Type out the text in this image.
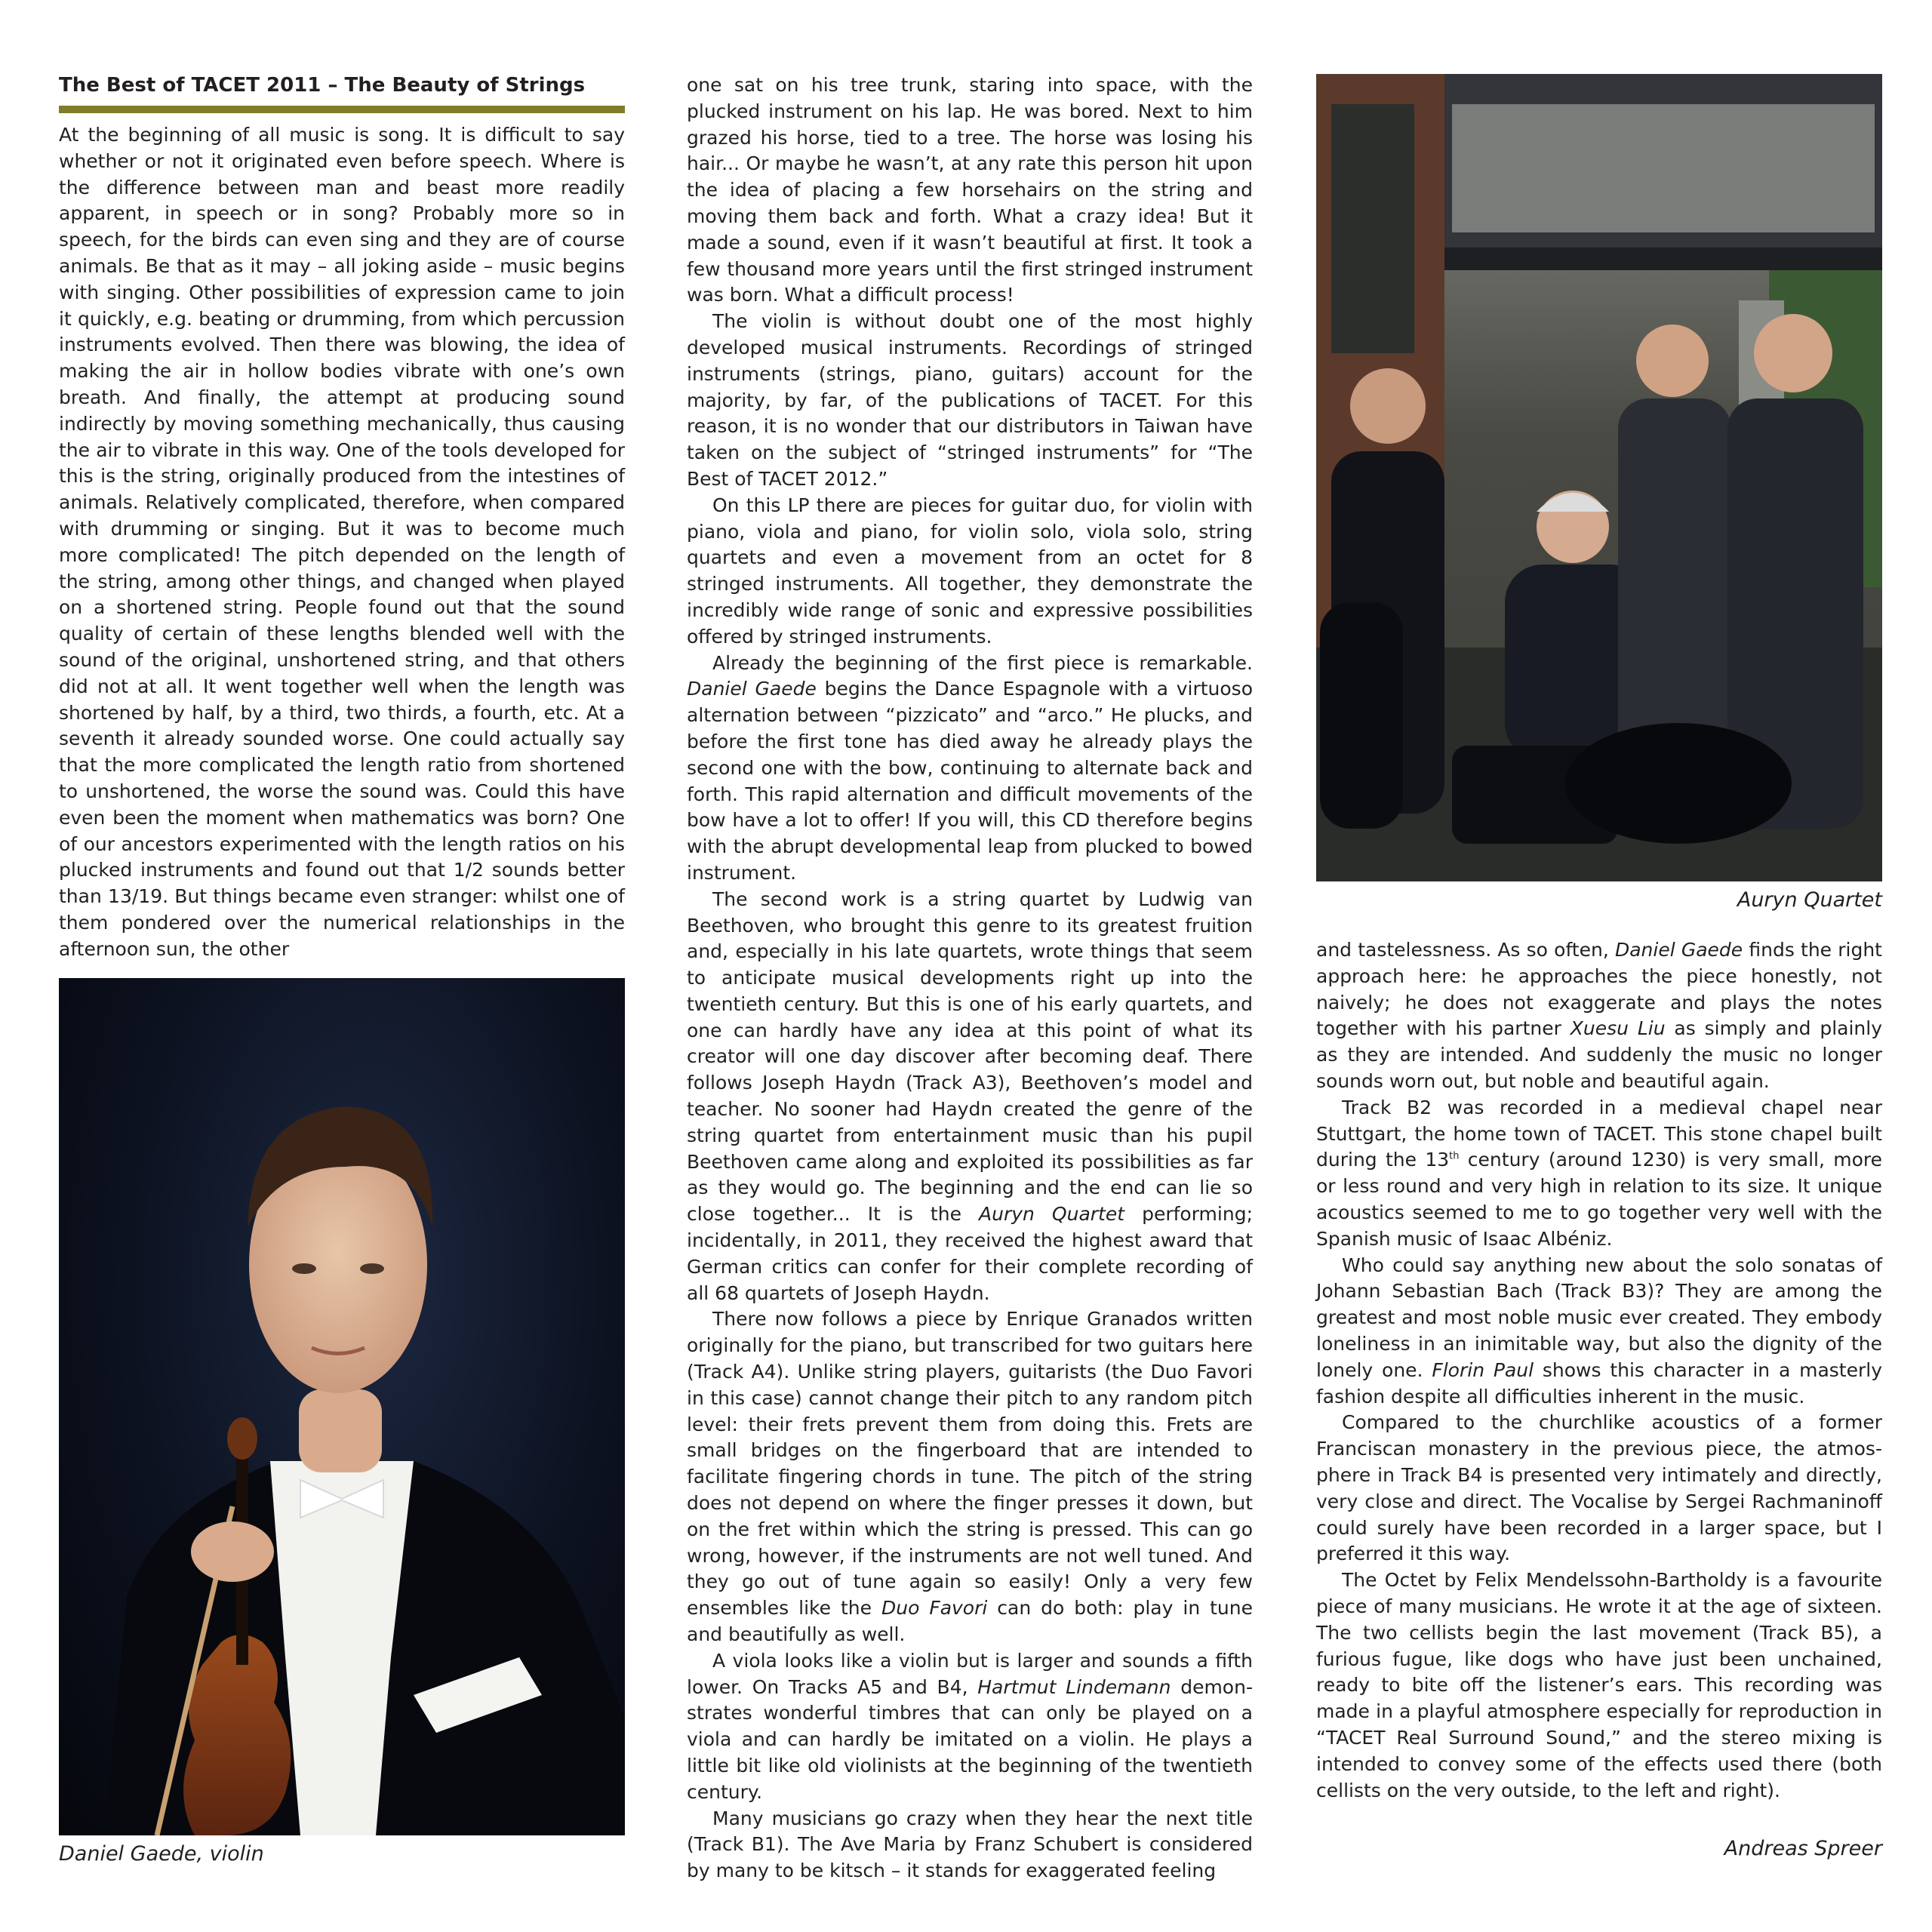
The Best of TACET 2011 – The Beauty of Strings

At the beginning of all music is song. It is difficult to say whether or not it originated even before speech. Where is the difference between man and beast more readily apparent, in speech or in song? Probably more so in speech, for the birds can even sing and they are of course animals. Be that as it may – all joking aside – music begins with singing. Other possibilities of expression came to join it quickly, e.g. beating or drumming, from which percussion instruments evolved. Then there was blowing, the idea of making the air in hollow bodies vibrate with one’s own breath. And finally, the attempt at producing sound indirectly by moving something mechanically, thus causing the air to vibrate in this way. One of the tools developed for this is the string, originally produced from the intestines of animals. Relatively complicated, therefore, when compared with drumming or singing. But it was to become much more complicated! The pitch depended on the length of the string, among other things, and changed when played on a shortened string. People found out that the sound quality of certain of these lengths blended well with the sound of the original, unshortened string, and that others did not at all. It went together well when the length was shortened by half, by a third, two thirds, a fourth, etc. At a seventh it already sounded worse. One could actually say that the more complicated the length ratio from shortened to unshortened, the worse the sound was. Could this have even been the moment when mathematics was born? One of our ancestors experimented with the length ratios on his plucked instruments and found out that 1/2 sounds better than 13/19. But things became even stranger: whilst one of them pondered over the numerical relationships in the afternoon sun, the other

Daniel Gaede, violin

one sat on his tree trunk, staring into space, with the plucked instrument on his lap. He was bored. Next to him grazed his horse, tied to a tree. The horse was losing his hair... Or maybe he wasn’t, at any rate this person hit upon the idea of placing a few horsehairs on the string and moving them back and forth. What a crazy idea! But it made a sound, even if it wasn’t beautiful at first. It took a few thousand more years until the first stringed instrument was born. What a difficult process!

The violin is without doubt one of the most highly developed musical instruments. Recordings of stringed instruments (strings, piano, guitars) account for the majority, by far, of the publications of TACET. For this reason, it is no wonder that our distributors in Taiwan have taken on the subject of “stringed instruments” for “The Best of TACET 2012.”

On this LP there are pieces for guitar duo, for violin with piano, viola and piano, for violin solo, viola solo, string quartets and even a movement from an octet for 8 stringed instruments. All together, they demonstrate the incredibly wide range of sonic and expressive possibilities offered by stringed instruments.

Already the beginning of the first piece is remarkable. Daniel Gaede begins the Dance Espagnole with a virtuoso alternation between “pizzicato” and “arco.” He plucks, and before the first tone has died away he already plays the second one with the bow, continuing to alternate back and forth. This rapid alternation and difficult movements of the bow have a lot to offer! If you will, this CD therefore begins with the abrupt developmental leap from plucked to bowed instrument.

The second work is a string quartet by Ludwig van Beethoven, who brought this genre to its greatest fruition and, especially in his late quartets, wrote things that seem to anticipate musical developments right up into the twentieth century. But this is one of his early quartets, and one can hardly have any idea at this point of what its creator will one day discover after becoming deaf. There follows Joseph Haydn (Track A3), Beethoven’s model and teacher. No sooner had Haydn created the genre of the string quartet from entertainment music than his pupil Beethoven came along and exploited its possibilities as far as they would go. The beginning and the end can lie so close together... It is the Auryn Quartet performing; incidentally, in 2011, they received the highest award that German critics can confer for their complete recording of all 68 quartets of Joseph Haydn.

There now follows a piece by Enrique Granados written originally for the piano, but transcribed for two guitars here (Track A4). Unlike string players, guitarists (the Duo Favori in this case) cannot change their pitch to any random pitch level: their frets prevent them from doing this. Frets are small bridges on the fingerboard that are intended to facilitate fingering chords in tune. The pitch of the string does not depend on where the finger presses it down, but on the fret within which the string is pressed. This can go wrong, however, if the instruments are not well tuned. And they go out of tune again so easily! Only a very few ensembles like the Duo Favori can do both: play in tune and beautifully as well.

A viola looks like a violin but is larger and sounds a fifth lower. On Tracks A5 and B4, Hartmut Lindemann demonstrates wonderful timbres that can only be played on a viola and can hardly be imitated on a violin. He plays a little bit like old violinists at the beginning of the twentieth century.

Many musicians go crazy when they hear the next title (Track B1). The Ave Maria by Franz Schubert is considered by many to be kitsch – it stands for exaggerated feeling

Auryn Quartet

and tastelessness. As so often, Daniel Gaede finds the right approach here: he approaches the piece honestly, not naively; he does not exaggerate and plays the notes together with his partner Xuesu Liu as simply and plainly as they are intended. And suddenly the music no longer sounds worn out, but noble and beautiful again.

Track B2 was recorded in a medieval chapel near Stuttgart, the home town of TACET. This stone chapel built during the 13th century (around 1230) is very small, more or less round and very high in relation to its size. It unique acoustics seemed to me to go together very well with the Spanish music of Isaac Albéniz.

Who could say anything new about the solo sonatas of Johann Sebastian Bach (Track B3)? They are among the greatest and most noble music ever created. They embody loneliness in an inimitable way, but also the dignity of the lonely one. Florin Paul shows this character in a masterly fashion despite all difficulties inherent in the music.

Compared to the churchlike acoustics of a former Franciscan monastery in the previous piece, the atmosphere in Track B4 is presented very intimately and directly, very close and direct. The Vocalise by Sergei Rachmaninoff could surely have been recorded in a larger space, but I preferred it this way.

The Octet by Felix Mendelssohn-Bartholdy is a favourite piece of many musicians. He wrote it at the age of sixteen. The two cellists begin the last movement (Track B5), a furious fugue, like dogs who have just been unchained, ready to bite off the listener’s ears. This recording was made in a playful atmosphere especially for reproduction in “TACET Real Surround Sound,” and the stereo mixing is intended to convey some of the effects used there (both cellists on the very outside, to the left and right).

Andreas Spreer
